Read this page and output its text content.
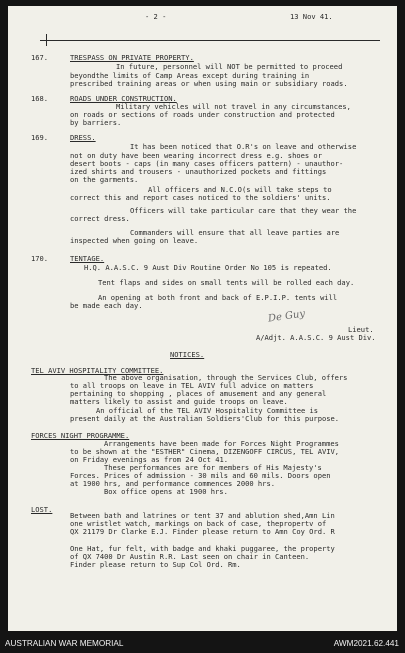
- 2 -	13 Nov 41.
167.	TRESPASS ON PRIVATE PROPERTY.
In future, personnel will NOT be permitted to proceed
beyondthe limits of Camp Areas except during training in
prescribed training areas or when using main or subsidiary roads.
168.	ROADS UNDER CONSTRUCTION.
Military vehicles will not travel in any circumstances,
on roads or sections of roads under construction and protected
by barriers.
169.	DRESS.
It has been noticed that O.R's on leave and otherwise
not on duty have been wearing incorrect dress e.g. shoes or
desert boots - caps (in many cases officers pattern) - unauthor-
ized shirts and trousers - unauthorized pockets and fittings
on the garments.
All officers and N.C.O(s will take steps to
correct this and report cases noticed to the soldiers' units.
Officers will take particular care that they wear the
correct dress.
Commanders will ensure that all leave parties are
inspected when going on leave.
170.	TENTAGE.
H.Q. A.A.S.C. 9 Aust Div Routine Order No 105 is repeated.
Tent flaps and sides on small tents will be rolled each day.
An opening at both front and back of E.P.I.P. tents will
be made each day.
De Guy
Lieut.
A/Adjt. A.A.S.C. 9 Aust Div.
NOTICES.
TEL AVIV HOSPITALITY COMMITTEE.
The above organisation, through the Services Club, offers
to all troops on leave in TEL AVIV full advice on matters
pertaining to shopping , places of amusement and any general
matters likely to assist and guide troops on leave.
An official of the TEL AVIV Hospitality Committee is
present daily at the Australian Soldiers'Club for this purpose.
FORCES NIGHT PROGRAMME.
Arrangements have been made for Forces Night Programmes
to be shown at the "ESTHER" Cinema, DIZENGOFF CIRCUS, TEL AVIV,
on Friday evenings as from 24 Oct 41.
These performances are for members of His Majesty's
Forces. Prices of admission - 30 mils and 60 mils. Doors open
at 1900 hrs, and performance commences 2000 hrs.
Box office opens at 1900 hrs.
LOST.
Between bath and latrines or tent 37 and ablution shed,Amn Lin
one wristlet watch, markings on back of case, thepropertv of
QX 21179 Dr Clarke E.J. Finder please return to Amn Coy Ord. R
One Hat, fur felt, with badge and khaki puggaree, the property
of QX 7400 Dr Austin R.R. Last seen on chair in Canteen.
Finder please return to Sup Col Ord. Rm.
AUSTRALIAN WAR MEMORIAL	AWM2021.62.441
